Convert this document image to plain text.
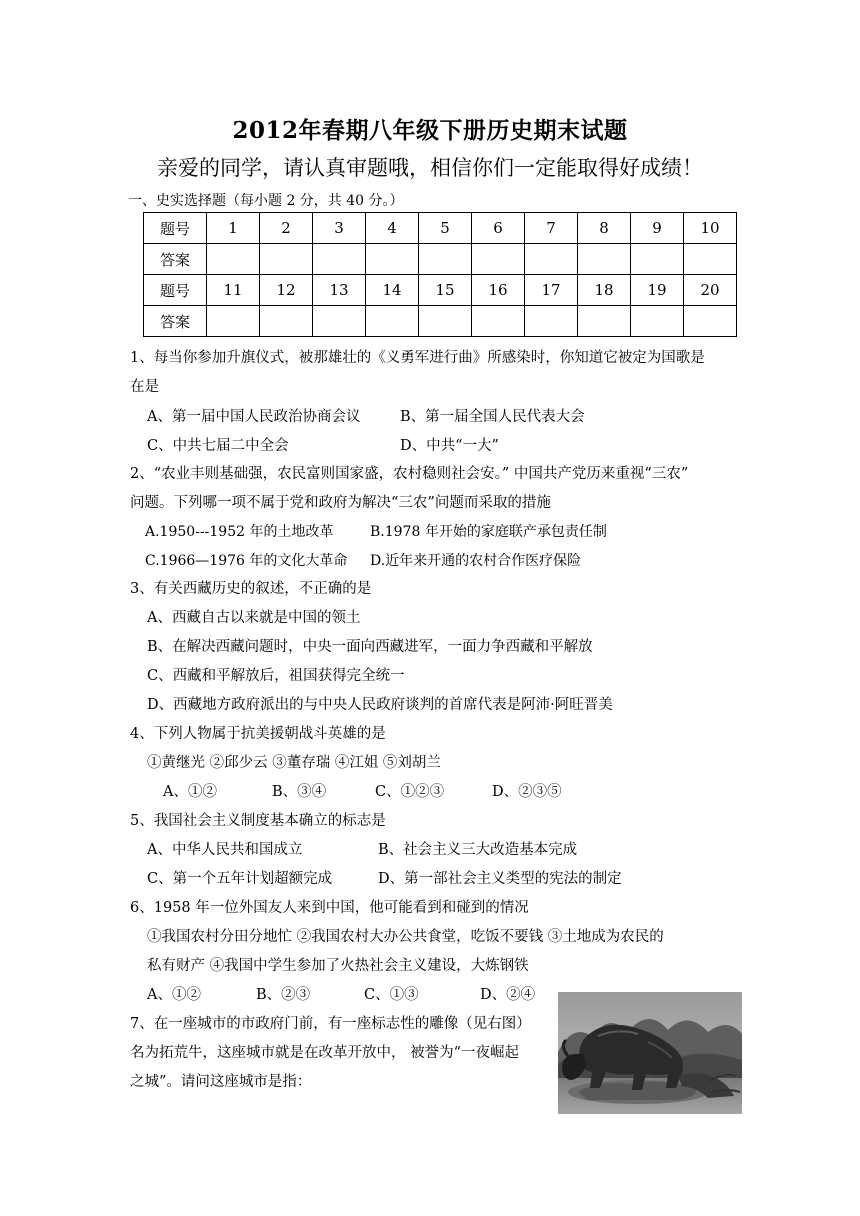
2012年春期八年级下册历史期末试题
亲爱的同学，请认真审题哦，相信你们一定能取得好成绩！
一、史实选择题（每小题 2 分，共 40 分。）
题号	1	2	3	4	5	6	7	8	9	10
答案										
题号	11	12	13	14	15	16	17	18	19	20
答案										
1、每当你参加升旗仪式，被那雄壮的《义勇军进行曲》所感染时，你知道它被定为国歌是
在是
A、第一届中国人民政治协商会议	B、第一届全国人民代表大会
C、中共七届二中全会	D、中共“一大”
2、“农业丰则基础强，农民富则国家盛，农村稳则社会安。” 中国共产党历来重视“三农”
问题。下列哪一项不属于党和政府为解决“三农”问题而采取的措施
A.1950---1952 年的土地改革	B.1978 年开始的家庭联产承包责任制
C.1966—1976 年的文化大革命 D.近年来开通的农村合作医疗保险
3、有关西藏历史的叙述，不正确的是
A、西藏自古以来就是中国的领土
B、在解决西藏问题时，中央一面向西藏进军，一面力争西藏和平解放
C、西藏和平解放后，祖国获得完全统一
D、西藏地方政府派出的与中央人民政府谈判的首席代表是阿沛·阿旺晋美
4、下列人物属于抗美援朝战斗英雄的是
①黄继光 ②邱少云 ③董存瑞 ④江姐 ⑤刘胡兰
A、①②	B、③④	C、①②③	D、②③⑤
5、我国社会主义制度基本确立的标志是
A、中华人民共和国成立	B、社会主义三大改造基本完成
C、第一个五年计划超额完成	D、第一部社会主义类型的宪法的制定
6、1958 年一位外国友人来到中国，他可能看到和碰到的情况
①我国农村分田分地忙 ②我国农村大办公共食堂，吃饭不要钱 ③土地成为农民的
私有财产 ④我国中学生参加了火热社会主义建设，大炼钢铁
A、①②	B、②③	C、①③	D、②④
7、在一座城市的市政府门前，有一座标志性的雕像（见右图）
名为拓荒牛，这座城市就是在改革开放中， 被誉为“一夜崛起
之城”。请问这座城市是指：
